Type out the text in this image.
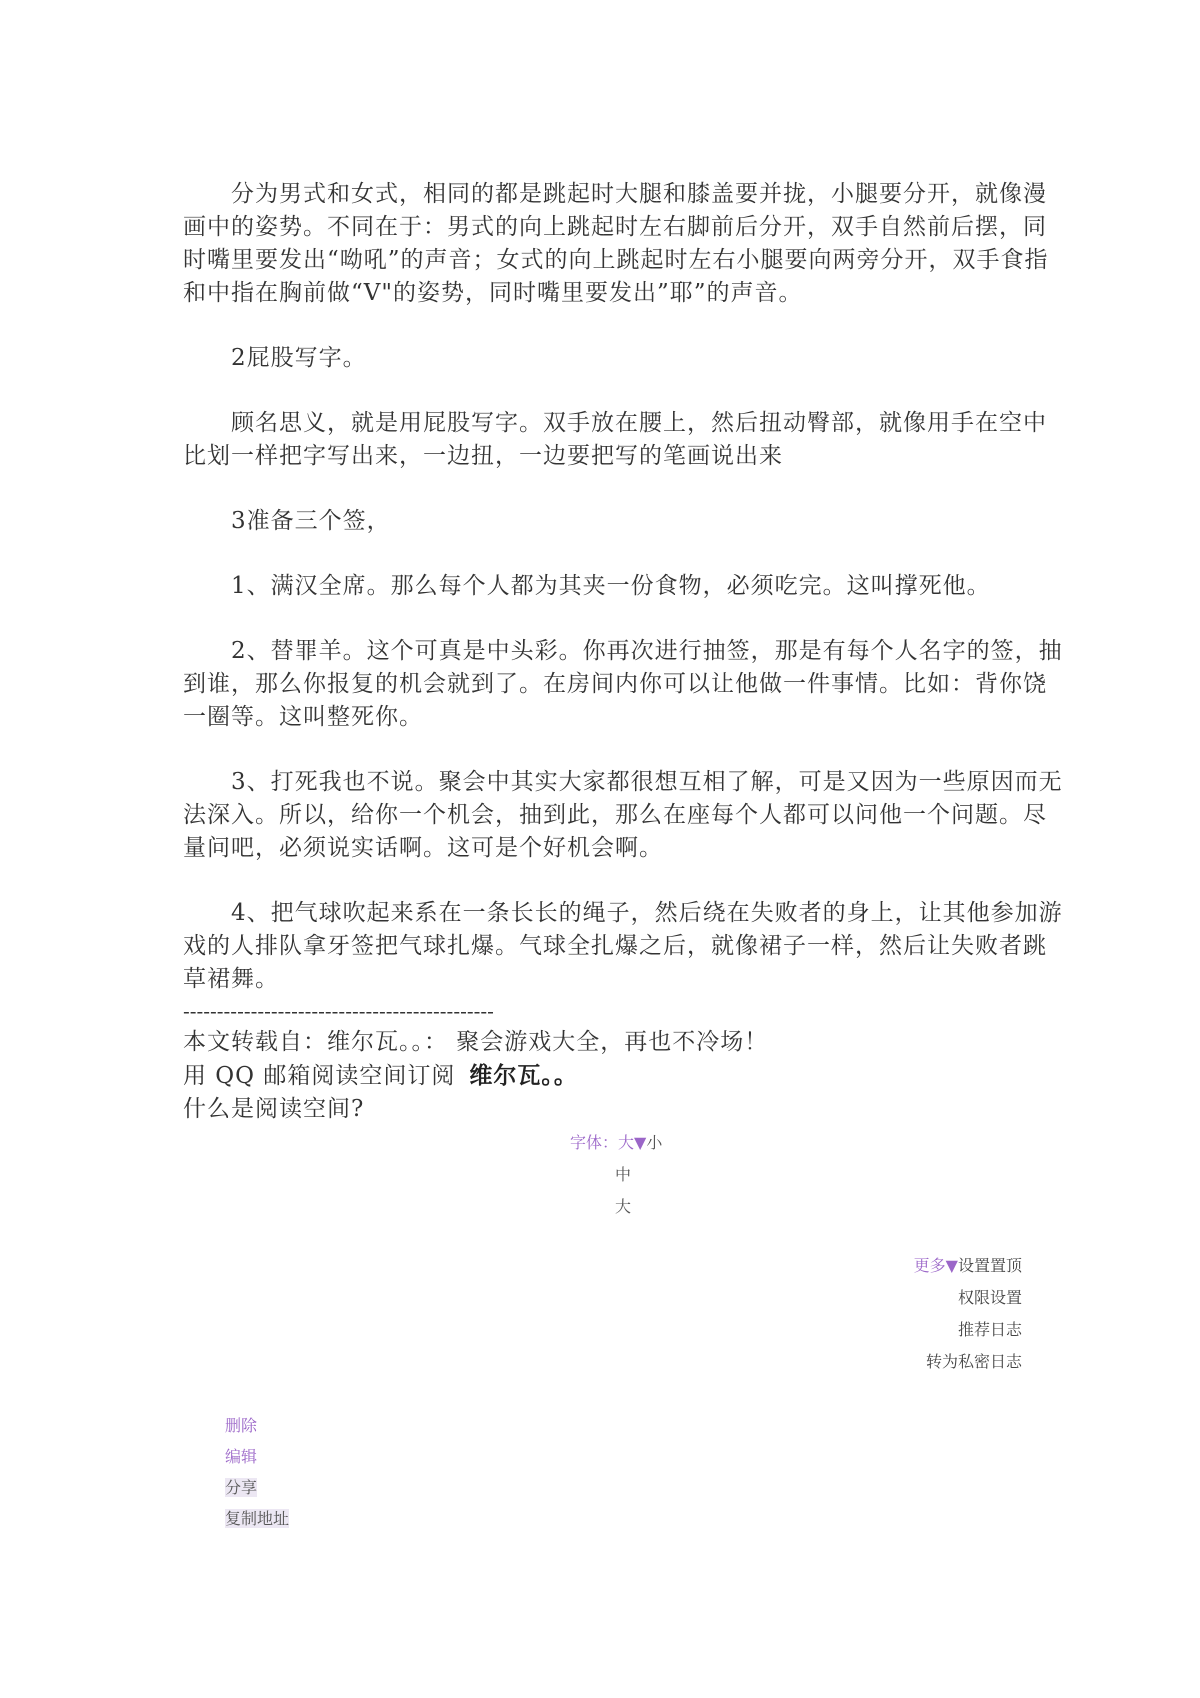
分为男式和女式，相同的都是跳起时大腿和膝盖要并拢，小腿要分开，就像漫画中的姿势。不同在于：男式的向上跳起时左右脚前后分开，双手自然前后摆，同时嘴里要发出“呦吼”的声音；女式的向上跳起时左右小腿要向两旁分开，双手食指和中指在胸前做“V"的姿势，同时嘴里要发出”耶”的声音。

2屁股写字。

顾名思义，就是用屁股写字。双手放在腰上，然后扭动臀部，就像用手在空中比划一样把字写出来，一边扭，一边要把写的笔画说出来

3准备三个签，

1、满汉全席。那么每个人都为其夹一份食物，必须吃完。这叫撑死他。

2、替罪羊。这个可真是中头彩。你再次进行抽签，那是有每个人名字的签，抽到谁，那么你报复的机会就到了。在房间内你可以让他做一件事情。比如：背你饶一圈等。这叫整死你。

3、打死我也不说。聚会中其实大家都很想互相了解，可是又因为一些原因而无法深入。所以，给你一个机会，抽到此，那么在座每个人都可以问他一个问题。尽量问吧，必须说实话啊。这可是个好机会啊。

4、把气球吹起来系在一条长长的绳子，然后绕在失败者的身上，让其他参加游戏的人排队拿牙签把气球扎爆。气球全扎爆之后，就像裙子一样，然后让失败者跳草裙舞。

----------------------------------------------
本文转载自：维尔瓦。。： 聚会游戏大全，再也不冷场！
用 QQ 邮箱阅读空间订阅 维尔瓦。。
什么是阅读空间?
字体：大▼小
中
大
更多▼设置置顶
权限设置
推荐日志
转为私密日志
删除
编辑
分享
复制地址
